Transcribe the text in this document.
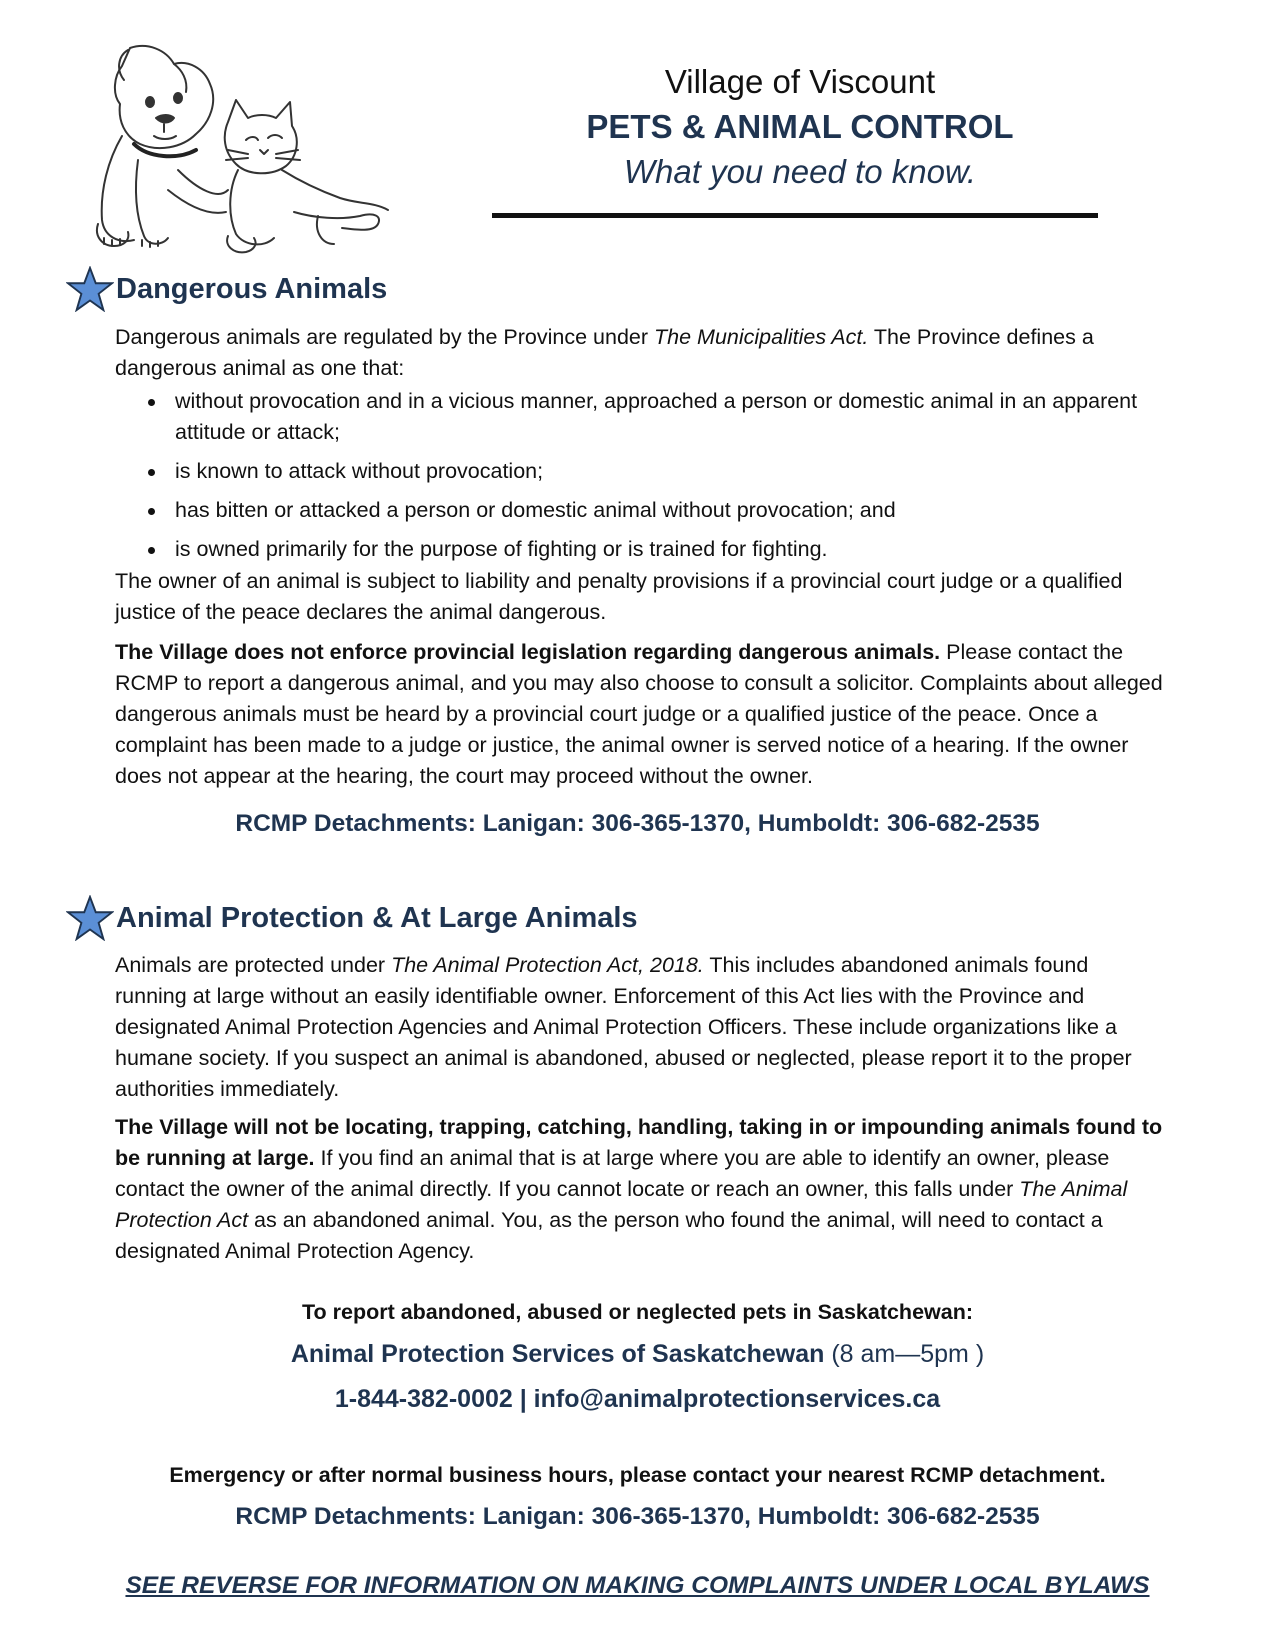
Village of Viscount
PETS & ANIMAL CONTROL
What you need to know.
Dangerous Animals

Dangerous animals are regulated by the Province under The Municipalities Act. The Province defines a dangerous animal as one that:

without provocation and in a vicious manner, approached a person or domestic animal in an apparent attitude or attack;
is known to attack without provocation;
has bitten or attacked a person or domestic animal without provocation; and
is owned primarily for the purpose of fighting or is trained for fighting.

The owner of an animal is subject to liability and penalty provisions if a provincial court judge or a qualified justice of the peace declares the animal dangerous.

The Village does not enforce provincial legislation regarding dangerous animals. Please contact the RCMP to report a dangerous animal, and you may also choose to consult a solicitor. Complaints about alleged dangerous animals must be heard by a provincial court judge or a qualified justice of the peace. Once a complaint has been made to a judge or justice, the animal owner is served notice of a hearing. If the owner does not appear at the hearing, the court may proceed without the owner.

RCMP Detachments: Lanigan: 306-365-1370, Humboldt: 306-682-2535
Animal Protection & At Large Animals

Animals are protected under The Animal Protection Act, 2018. This includes abandoned animals found running at large without an easily identifiable owner. Enforcement of this Act lies with the Province and designated Animal Protection Agencies and Animal Protection Officers. These include organizations like a humane society. If you suspect an animal is abandoned, abused or neglected, please report it to the proper authorities immediately.

The Village will not be locating, trapping, catching, handling, taking in or impounding animals found to be running at large. If you find an animal that is at large where you are able to identify an owner, please contact the owner of the animal directly. If you cannot locate or reach an owner, this falls under The Animal Protection Act as an abandoned animal. You, as the person who found the animal, will need to contact a designated Animal Protection Agency.

To report abandoned, abused or neglected pets in Saskatchewan:
Animal Protection Services of Saskatchewan (8 am—5pm )
1-844-382-0002 | info@animalprotectionservices.ca
Emergency or after normal business hours, please contact your nearest RCMP detachment.
RCMP Detachments: Lanigan: 306-365-1370, Humboldt: 306-682-2535
SEE REVERSE FOR INFORMATION ON MAKING COMPLAINTS UNDER LOCAL BYLAWS
